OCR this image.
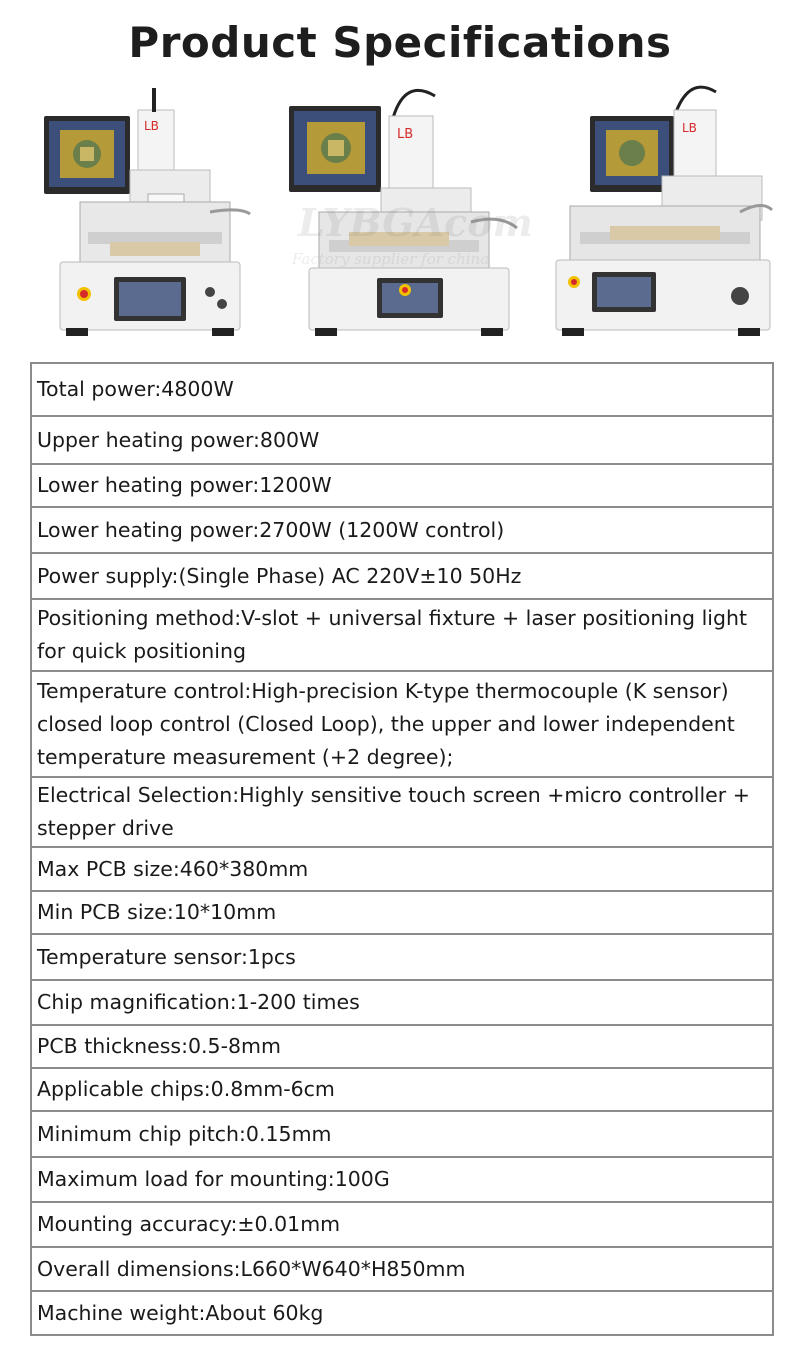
Product Specifications
LB
LB	LB
Total power:4800W
Upper heating power:800W
Lower heating power:1200W
Lower heating power:2700W (1200W control)
Power supply:(Single Phase) AC 220V±10 50Hz
Positioning method:V-slot + universal fixture + laser positioning light for quick positioning
Temperature control:High-precision K-type thermocouple (K sensor) closed loop control (Closed Loop), the upper and lower independent temperature measurement (+2 degree);
Electrical Selection:Highly sensitive touch screen +micro controller + stepper drive
Max PCB size:460*380mm
Min PCB size:10*10mm
Temperature sensor:1pcs
Chip magnification:1-200 times
PCB thickness:0.5-8mm
Applicable chips:0.8mm-6cm
Minimum chip pitch:0.15mm
Maximum load for mounting:100G
Mounting accuracy:±0.01mm
Overall dimensions:L660*W640*H850mm
Machine weight:About 60kg
